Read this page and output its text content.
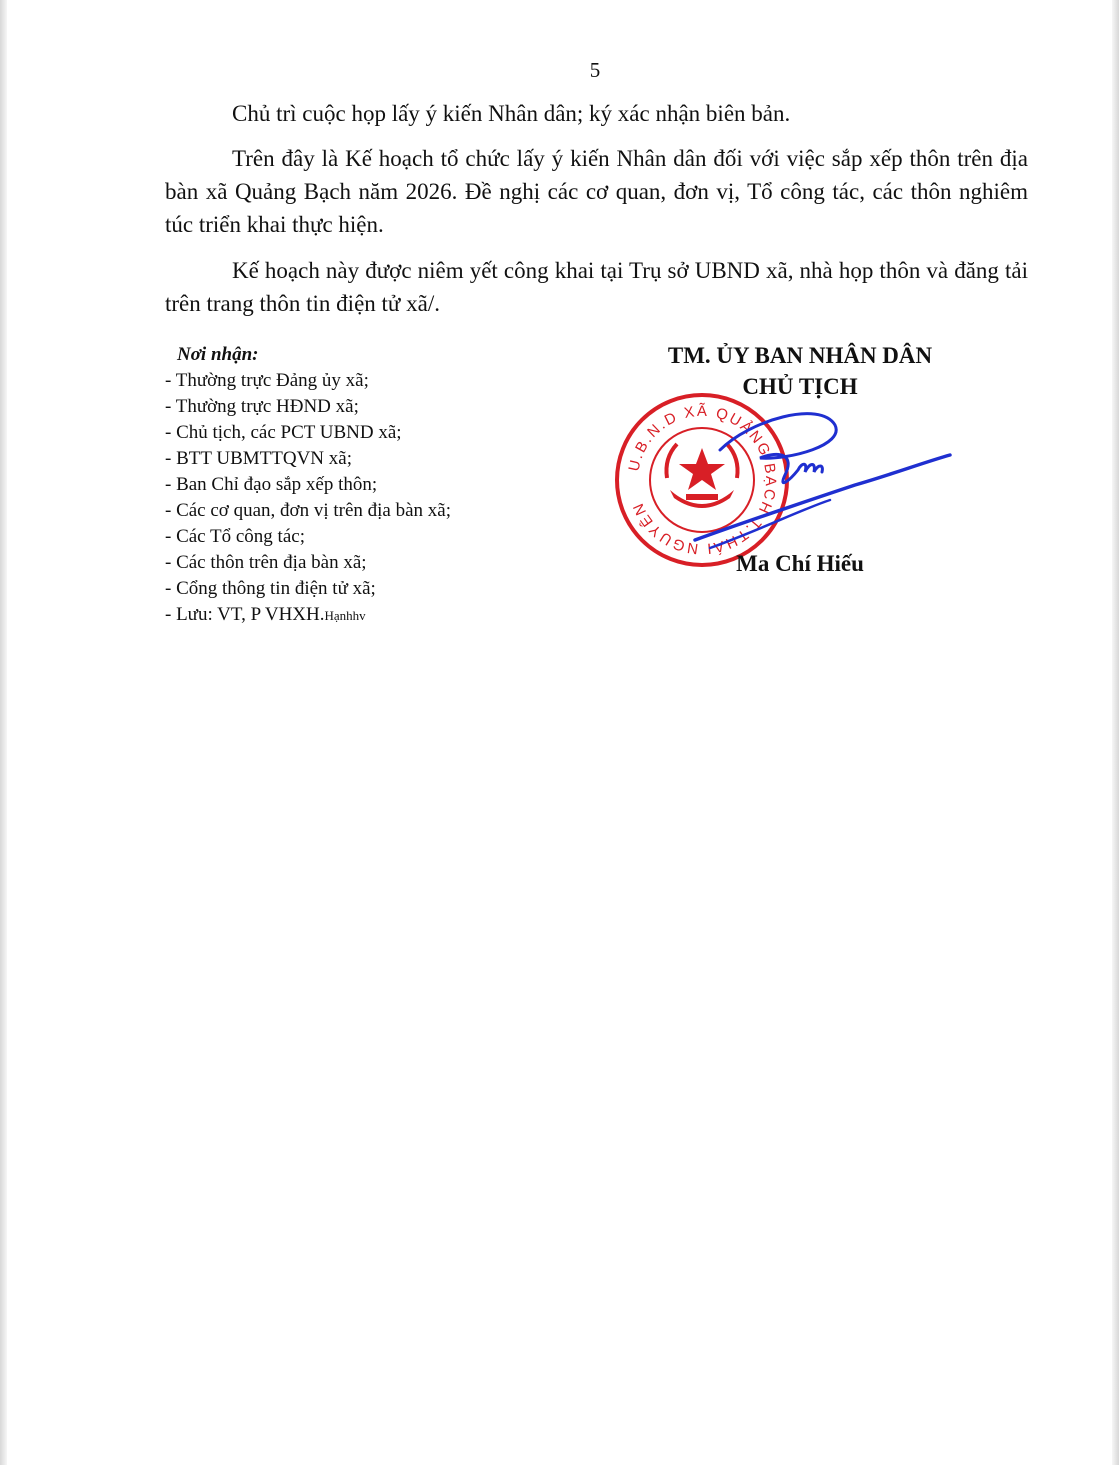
5

Chủ trì cuộc họp lấy ý kiến Nhân dân; ký xác nhận biên bản.

Trên đây là Kế hoạch tổ chức lấy ý kiến Nhân dân đối với việc sắp xếp thôn trên địa bàn xã Quảng Bạch năm 2026. Đề nghị các cơ quan, đơn vị, Tổ công tác, các thôn nghiêm túc triển khai thực hiện.

Kế hoạch này được niêm yết công khai tại Trụ sở UBND xã, nhà họp thôn và đăng tải trên trang thôn tin điện tử xã/.

Nơi nhận:
- Thường trực Đảng ủy xã;
- Thường trực HĐND xã;
- Chủ tịch, các PCT UBND xã;
- BTT UBMTTQVN xã;
- Ban Chỉ đạo sắp xếp thôn;
- Các cơ quan, đơn vị trên địa bàn xã;
- Các Tổ công tác;
- Các thôn trên địa bàn xã;
- Cổng thông tin điện tử xã;
- Lưu: VT, P VHXH.Hạnhhv
TM. ỦY BAN NHÂN DÂN
CHỦ TỊCH
U.B.N.D XÃ QUẢNG BẠCH T.THÁI NGUYÊN
Ma Chí Hiếu
